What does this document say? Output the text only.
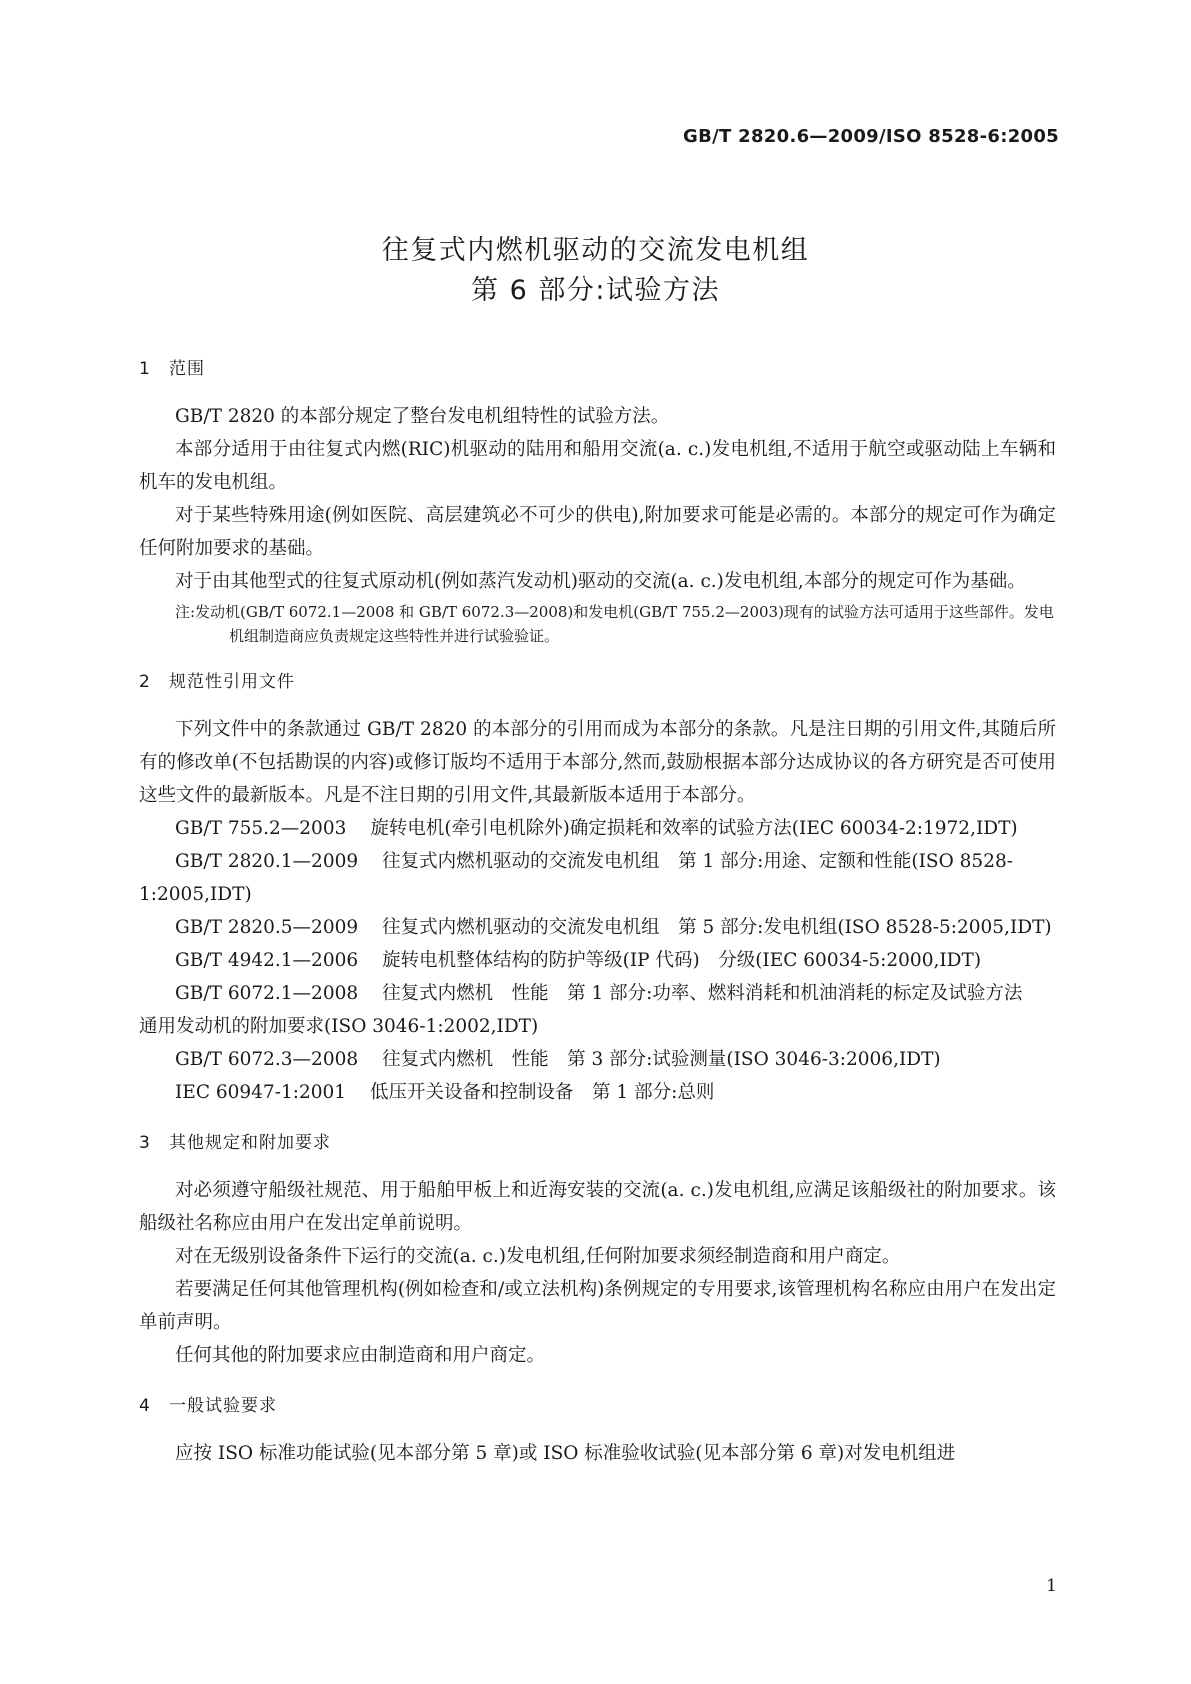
GB/T 2820.6—2009/ISO 8528-6:2005
往复式内燃机驱动的交流发电机组
第 6 部分:试验方法
1 范围

GB/T 2820 的本部分规定了整台发电机组特性的试验方法。

本部分适用于由往复式内燃(RIC)机驱动的陆用和船用交流(a. c.)发电机组,不适用于航空或驱动陆上车辆和机车的发电机组。

对于某些特殊用途(例如医院、高层建筑必不可少的供电),附加要求可能是必需的。本部分的规定可作为确定任何附加要求的基础。

对于由其他型式的往复式原动机(例如蒸汽发动机)驱动的交流(a. c.)发电机组,本部分的规定可作为基础。

注:发动机(GB/T 6072.1—2008 和 GB/T 6072.3—2008)和发电机(GB/T 755.2—2003)现有的试验方法可适用于这些部件。发电机组制造商应负责规定这些特性并进行试验验证。

2 规范性引用文件

下列文件中的条款通过 GB/T 2820 的本部分的引用而成为本部分的条款。凡是注日期的引用文件,其随后所有的修改单(不包括勘误的内容)或修订版均不适用于本部分,然而,鼓励根据本部分达成协议的各方研究是否可使用这些文件的最新版本。凡是不注日期的引用文件,其最新版本适用于本部分。

GB/T 755.2—2003 旋转电机(牵引电机除外)确定损耗和效率的试验方法(IEC 60034-2:1972,IDT)

GB/T 2820.1—2009 往复式内燃机驱动的交流发电机组　第 1 部分:用途、定额和性能(ISO 8528-1:2005,IDT)

GB/T 2820.5—2009 往复式内燃机驱动的交流发电机组　第 5 部分:发电机组(ISO 8528-5:2005,IDT)

GB/T 4942.1—2006 旋转电机整体结构的防护等级(IP 代码)　分级(IEC 60034-5:2000,IDT)

GB/T 6072.1—2008 往复式内燃机　性能　第 1 部分:功率、燃料消耗和机油消耗的标定及试验方法　通用发动机的附加要求(ISO 3046-1:2002,IDT)

GB/T 6072.3—2008 往复式内燃机　性能　第 3 部分:试验测量(ISO 3046-3:2006,IDT)

IEC 60947-1:2001 低压开关设备和控制设备　第 1 部分:总则

3 其他规定和附加要求

对必须遵守船级社规范、用于船舶甲板上和近海安装的交流(a. c.)发电机组,应满足该船级社的附加要求。该船级社名称应由用户在发出定单前说明。

对在无级别设备条件下运行的交流(a. c.)发电机组,任何附加要求须经制造商和用户商定。

若要满足任何其他管理机构(例如检查和/或立法机构)条例规定的专用要求,该管理机构名称应由用户在发出定单前声明。

任何其他的附加要求应由制造商和用户商定。

4 一般试验要求

应按 ISO 标准功能试验(见本部分第 5 章)或 ISO 标准验收试验(见本部分第 6 章)对发电机组进

1
